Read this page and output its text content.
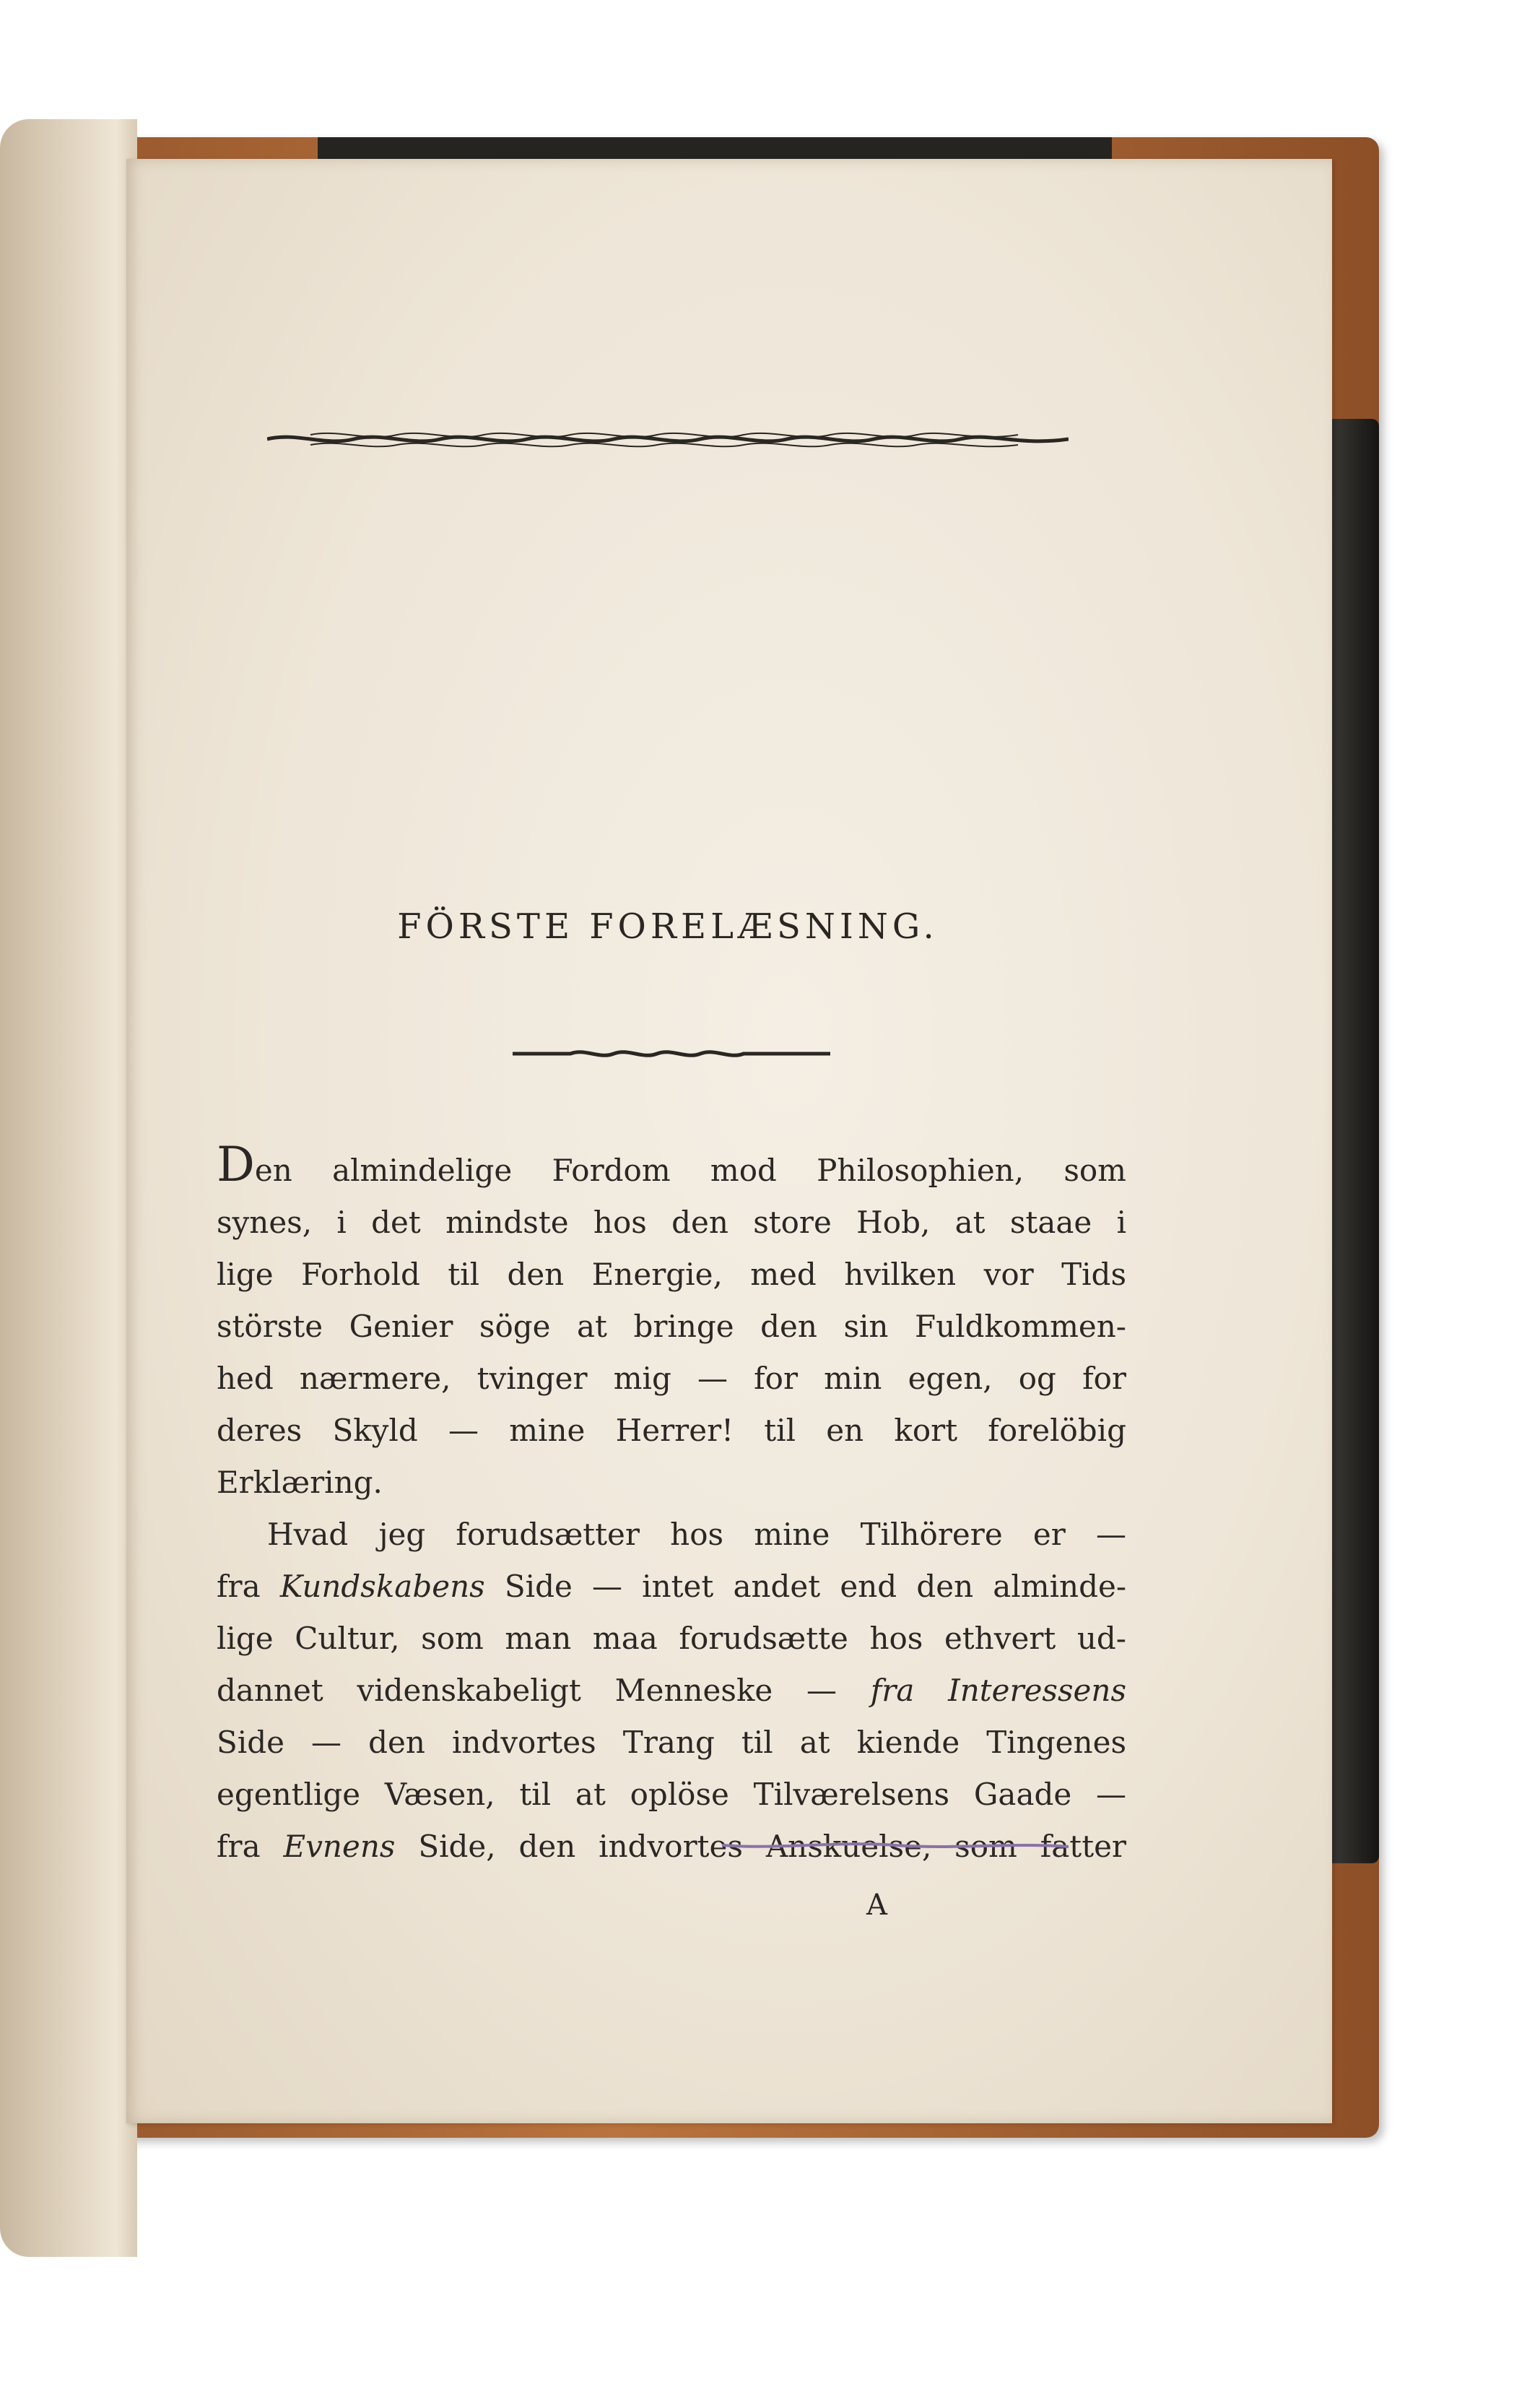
FÖRSTE FORELÆSNING.
Den almindelige Fordom mod Philosophien, som
synes, i det mindste hos den store Hob, at staae i
lige Forhold til den Energie, med hvilken vor Tids
störste Genier söge at bringe den sin Fuldkommen-
hed nærmere, tvinger mig — for min egen, og for
deres Skyld — mine Herrer! til en kort forelöbig
Erklæring.
Hvad jeg forudsætter hos mine Tilhörere er —
fra Kundskabens Side — intet andet end den alminde-
lige Cultur, som man maa forudsætte hos ethvert ud-
dannet videnskabeligt Menneske — fra Interessens
Side — den indvortes Trang til at kiende Tingenes
egentlige Væsen, til at oplöse Tilværelsens Gaade —
fra Evnens Side, den indvortes Anskuelse, som fatter
A
